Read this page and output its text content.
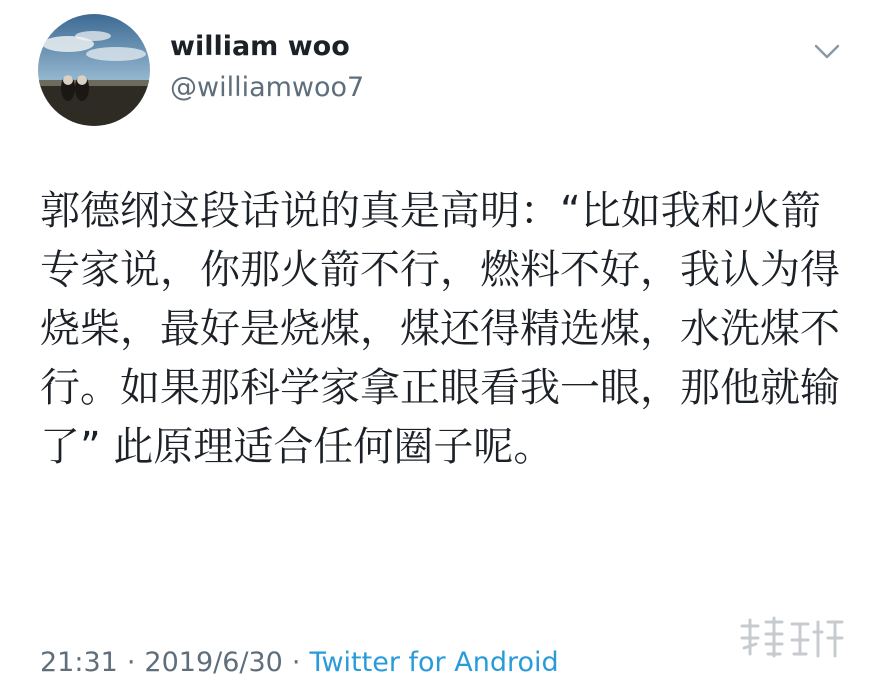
william woo
@williamwoo7

郭德纲这段话说的真是高明：“比如我和火箭专家说，你那火箭不行，燃料不好，我认为得烧柴，最好是烧煤，煤还得精选煤，水洗煤不行。如果那科学家拿正眼看我一眼，那他就输了” 此原理适合任何圈子呢。

21:31 · 2019/6/30 · Twitter for Android
